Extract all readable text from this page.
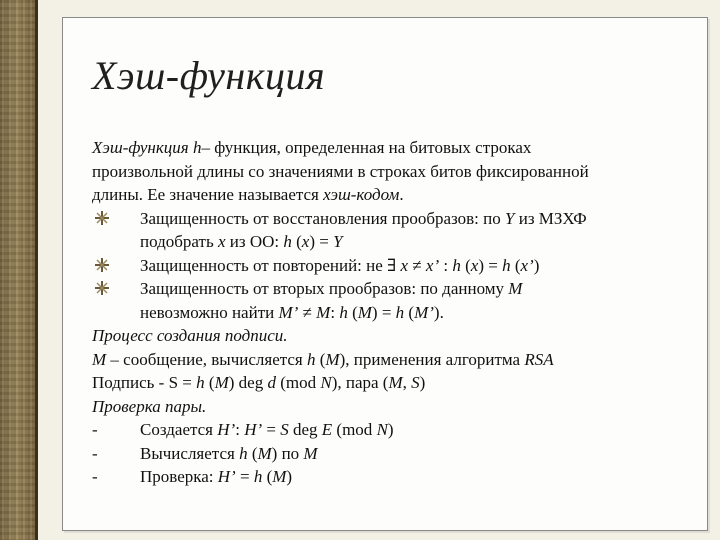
Хэш-функция
Хэш-функция h– функция, определенная на битовых строках
произвольной длины со значениями в строках битов фиксированной
длины. Ее значение называется хэш-кодом.
Защищенность от восстановления прообразов: по Y из МЗХФ
подобрать x из ОО: h (x) = Y
Защищенность от повторений: не ∃ x ≠ x’ : h (x) = h (x’)
Защищенность от вторых прообразов: по данному M
невозможно найти M’ ≠ M: h (M) = h (M’).
Процесс создания подписи.
M – сообщение, вычисляется h (M), применения алгоритма RSA
Подпись - S = h (M) deg d (mod N), пара (M, S)
Проверка пары.
- Создается H’: H’ = S deg E (mod N)
- Вычисляется h (M) по M
- Проверка: H’ = h (M)
